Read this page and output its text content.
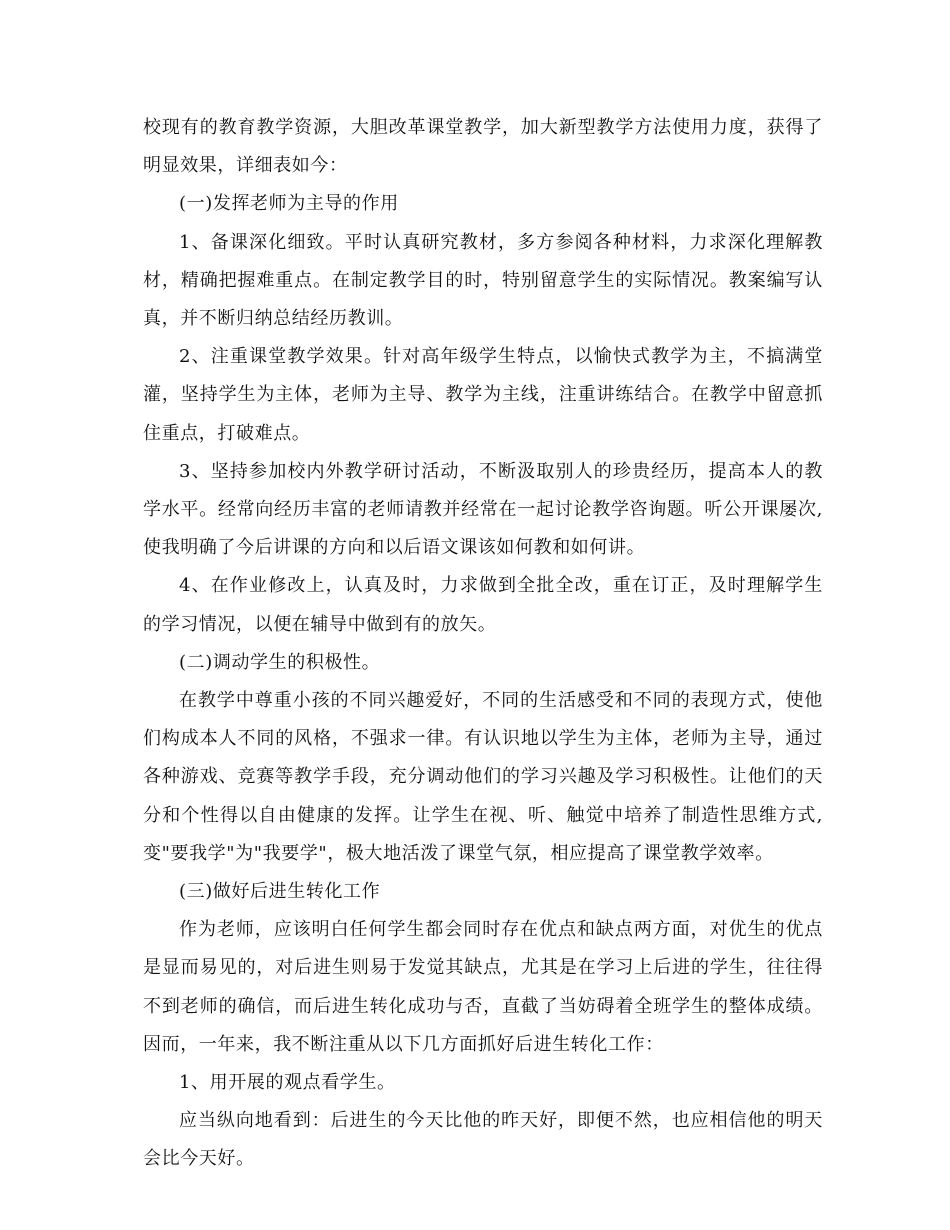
校现有的教育教学资源，大胆改革课堂教学，加大新型教学方法使用力度，获得了明显效果，详细表如今：

(一)发挥老师为主导的作用

1、备课深化细致。平时认真研究教材，多方参阅各种材料，力求深化理解教材，精确把握难重点。在制定教学目的时，特别留意学生的实际情况。教案编写认真，并不断归纳总结经历教训。

2、注重课堂教学效果。针对高年级学生特点，以愉快式教学为主，不搞满堂灌，坚持学生为主体，老师为主导、教学为主线，注重讲练结合。在教学中留意抓住重点，打破难点。

3、坚持参加校内外教学研讨活动，不断汲取别人的珍贵经历，提高本人的教学水平。经常向经历丰富的老师请教并经常在一起讨论教学咨询题。听公开课屡次,使我明确了今后讲课的方向和以后语文课该如何教和如何讲。

4、在作业修改上，认真及时，力求做到全批全改，重在订正，及时理解学生的学习情况，以便在辅导中做到有的放矢。

(二)调动学生的积极性。

在教学中尊重小孩的不同兴趣爱好，不同的生活感受和不同的表现方式，使他们构成本人不同的风格，不强求一律。有认识地以学生为主体，老师为主导，通过各种游戏、竞赛等教学手段，充分调动他们的学习兴趣及学习积极性。让他们的天分和个性得以自由健康的发挥。让学生在视、听、触觉中培养了制造性思维方式,变"要我学"为"我要学"，极大地活泼了课堂气氛，相应提高了课堂教学效率。

(三)做好后进生转化工作

作为老师，应该明白任何学生都会同时存在优点和缺点两方面，对优生的优点是显而易见的，对后进生则易于发觉其缺点，尤其是在学习上后进的学生，往往得不到老师的确信，而后进生转化成功与否，直截了当妨碍着全班学生的整体成绩。因而，一年来，我不断注重从以下几方面抓好后进生转化工作：

1、用开展的观点看学生。

应当纵向地看到：后进生的今天比他的昨天好，即便不然，也应相信他的明天会比今天好。
